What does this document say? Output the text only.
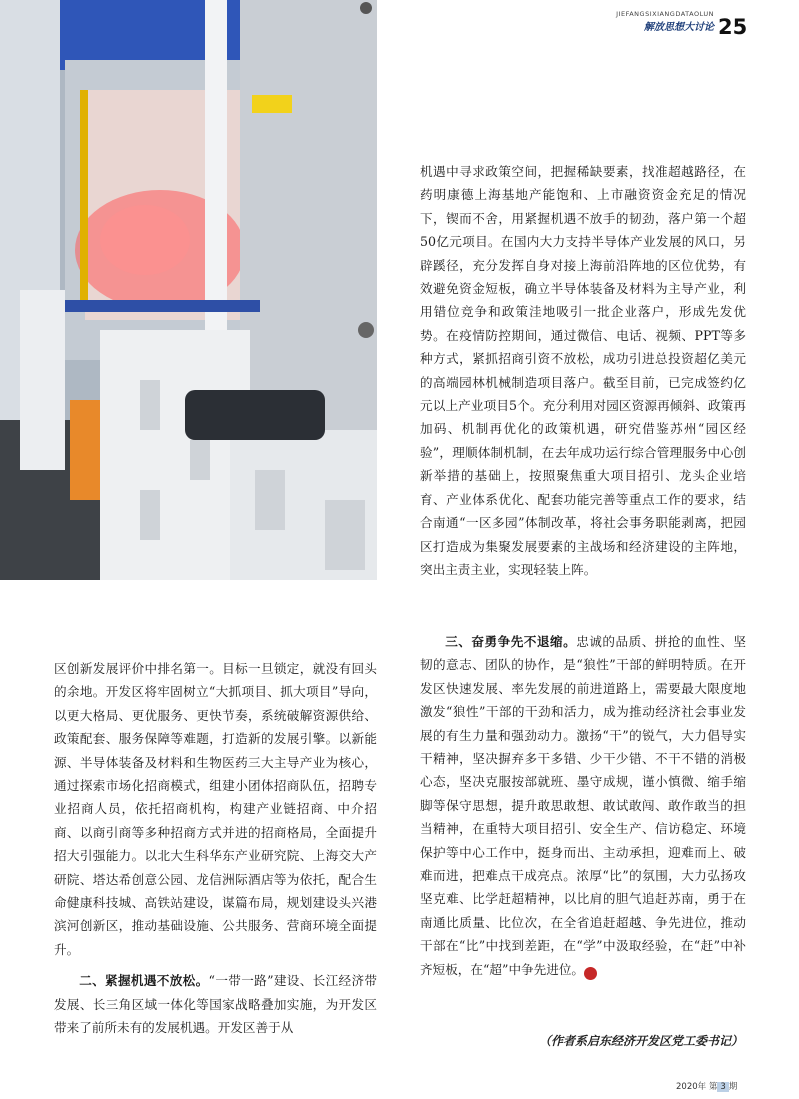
JIEFANGSIXIANGDATAOLUN
解放思想大讨论 25

机遇中寻求政策空间，把握稀缺要素，找准超越路径，在药明康德上海基地产能饱和、上市融资资金充足的情况下，锲而不舍，用紧握机遇不放手的韧劲，落户第一个超50亿元项目。在国内大力支持半导体产业发展的风口，另辟蹊径，充分发挥自身对接上海前沿阵地的区位优势，有效避免资金短板，确立半导体装备及材料为主导产业，利用错位竞争和政策洼地吸引一批企业落户，形成先发优势。在疫情防控期间，通过微信、电话、视频、PPT等多种方式，紧抓招商引资不放松，成功引进总投资超亿美元的高端园林机械制造项目落户。截至目前，已完成签约亿元以上产业项目5个。充分利用对园区资源再倾斜、政策再加码、机制再优化的政策机遇，研究借鉴苏州“园区经验”，理顺体制机制，在去年成功运行综合管理服务中心创新举措的基础上，按照聚焦重大项目招引、龙头企业培育、产业体系优化、配套功能完善等重点工作的要求，结合南通“一区多园”体制改革，将社会事务职能剥离，把园区打造成为集聚发展要素的主战场和经济建设的主阵地，突出主责主业，实现轻装上阵。

三、奋勇争先不退缩。忠诚的品质、拼抢的血性、坚韧的意志、团队的协作，是“狼性”干部的鲜明特质。在开发区快速发展、率先发展的前进道路上，需要最大限度地激发“狼性”干部的干劲和活力，成为推动经济社会事业发展的有生力量和强劲动力。激扬“干”的锐气，大力倡导实干精神，坚决摒弃多干多错、少干少错、不干不错的消极心态，坚决克服按部就班、墨守成规，谨小慎微、缩手缩脚等保守思想，提升敢思敢想、敢试敢闯、敢作敢当的担当精神，在重特大项目招引、安全生产、信访稳定、环境保护等中心工作中，挺身而出、主动承担，迎难而上、破难而进，把难点干成亮点。浓厚“比”的氛围，大力弘扬攻坚克难、比学赶超精神，以比肩的胆气追赶苏南，勇于在南通比质量、比位次，在全省追赶超越、争先进位，推动干部在“比”中找到差距，在“学”中汲取经验，在“赶”中补齐短板，在“超”中争先进位。	卷

区创新发展评价中排名第一。目标一旦锁定，就没有回头的余地。开发区将牢固树立“大抓项目、抓大项目”导向，以更大格局、更优服务、更快节奏，系统破解资源供给、政策配套、服务保障等难题，打造新的发展引擎。以新能源、半导体装备及材料和生物医药三大主导产业为核心，通过探索市场化招商模式，组建小团体招商队伍，招聘专业招商人员，依托招商机构，构建产业链招商、中介招商、以商引商等多种招商方式并进的招商格局，全面提升招大引强能力。以北大生科华东产业研究院、上海交大产研院、塔达希创意公园、龙信洲际酒店等为依托，配合生命健康科技城、高铁站建设，谋篇布局，规划建设头兴港滨河创新区，推动基础设施、公共服务、营商环境全面提升。

二、紧握机遇不放松。“一带一路”建设、长江经济带发展、长三角区域一体化等国家战略叠加实施，为开发区带来了前所未有的发展机遇。开发区善于从

（作者系启东经济开发区党工委书记）
2020年 第 3 期
